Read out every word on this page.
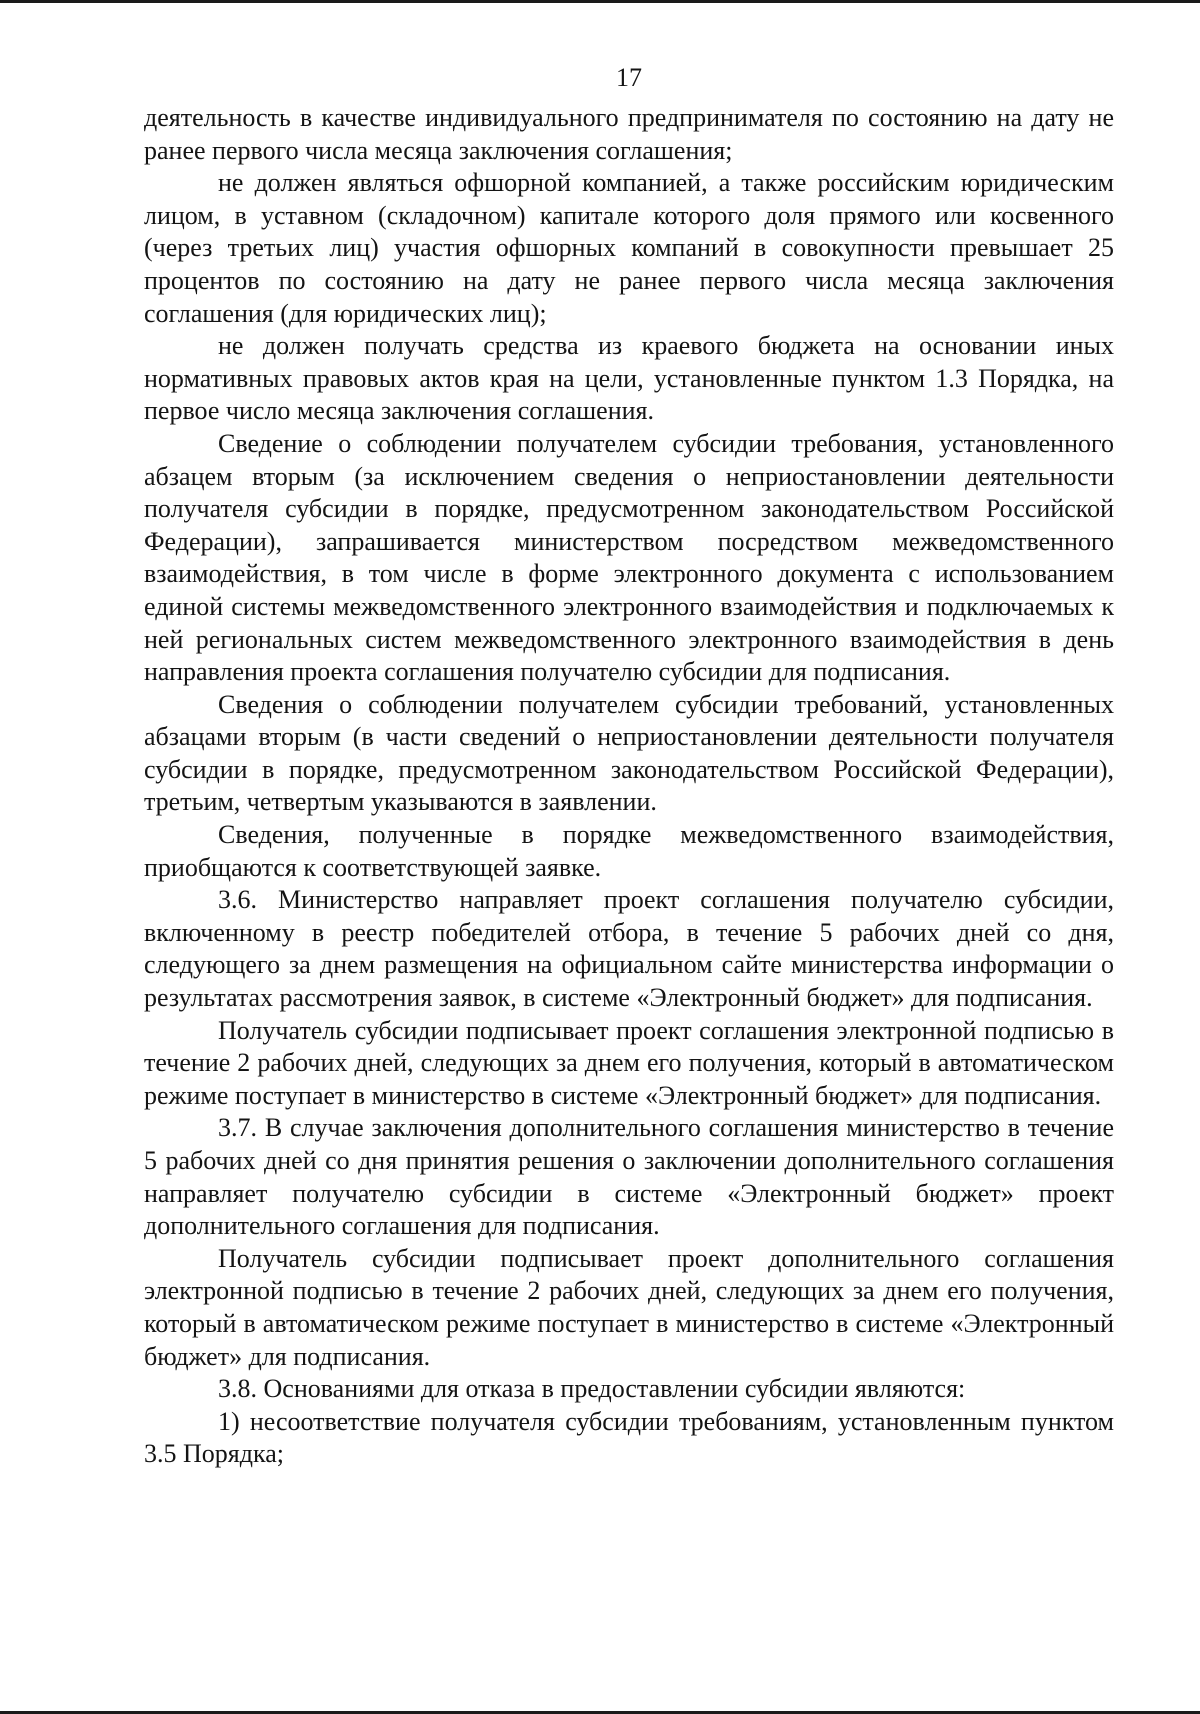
17

деятельность в качестве индивидуального предпринимателя по состоянию на дату не ранее первого числа месяца заключения соглашения;

не должен являться офшорной компанией, а также российским юридическим лицом, в уставном (складочном) капитале которого доля прямого или косвенного (через третьих лиц) участия офшорных компаний в совокупности превышает 25 процентов по состоянию на дату не ранее первого числа месяца заключения соглашения (для юридических лиц);

не должен получать средства из краевого бюджета на основании иных нормативных правовых актов края на цели, установленные пунктом 1.3 Порядка, на первое число месяца заключения соглашения.

Сведение о соблюдении получателем субсидии требования, установленного абзацем вторым (за исключением сведения о неприостановлении деятельности получателя субсидии в порядке, предусмотренном законодательством Российской Федерации), запрашивается министерством посредством межведомственного взаимодействия, в том числе в форме электронного документа с использованием единой системы межведомственного электронного взаимодействия и подключаемых к ней региональных систем межведомственного электронного взаимодействия в день направления проекта соглашения получателю субсидии для подписания.

Сведения о соблюдении получателем субсидии требований, установленных абзацами вторым (в части сведений о неприостановлении деятельности получателя субсидии в порядке, предусмотренном законодательством Российской Федерации), третьим, четвертым указываются в заявлении.

Сведения, полученные в порядке межведомственного взаимодействия, приобщаются к соответствующей заявке.

3.6. Министерство направляет проект соглашения получателю субсидии, включенному в реестр победителей отбора, в течение 5 рабочих дней со дня, следующего за днем размещения на официальном сайте министерства информации о результатах рассмотрения заявок, в системе «Электронный бюджет» для подписания.

Получатель субсидии подписывает проект соглашения электронной подписью в течение 2 рабочих дней, следующих за днем его получения, который в автоматическом режиме поступает в министерство в системе «Электронный бюджет» для подписания.

3.7. В случае заключения дополнительного соглашения министерство в течение 5 рабочих дней со дня принятия решения о заключении дополнительного соглашения направляет получателю субсидии в системе «Электронный бюджет» проект дополнительного соглашения для подписания.

Получатель субсидии подписывает проект дополнительного соглашения электронной подписью в течение 2 рабочих дней, следующих за днем его получения, который в автоматическом режиме поступает в министерство в системе «Электронный бюджет» для подписания.

3.8. Основаниями для отказа в предоставлении субсидии являются:

1) несоответствие получателя субсидии требованиям, установленным пунктом 3.5 Порядка;
